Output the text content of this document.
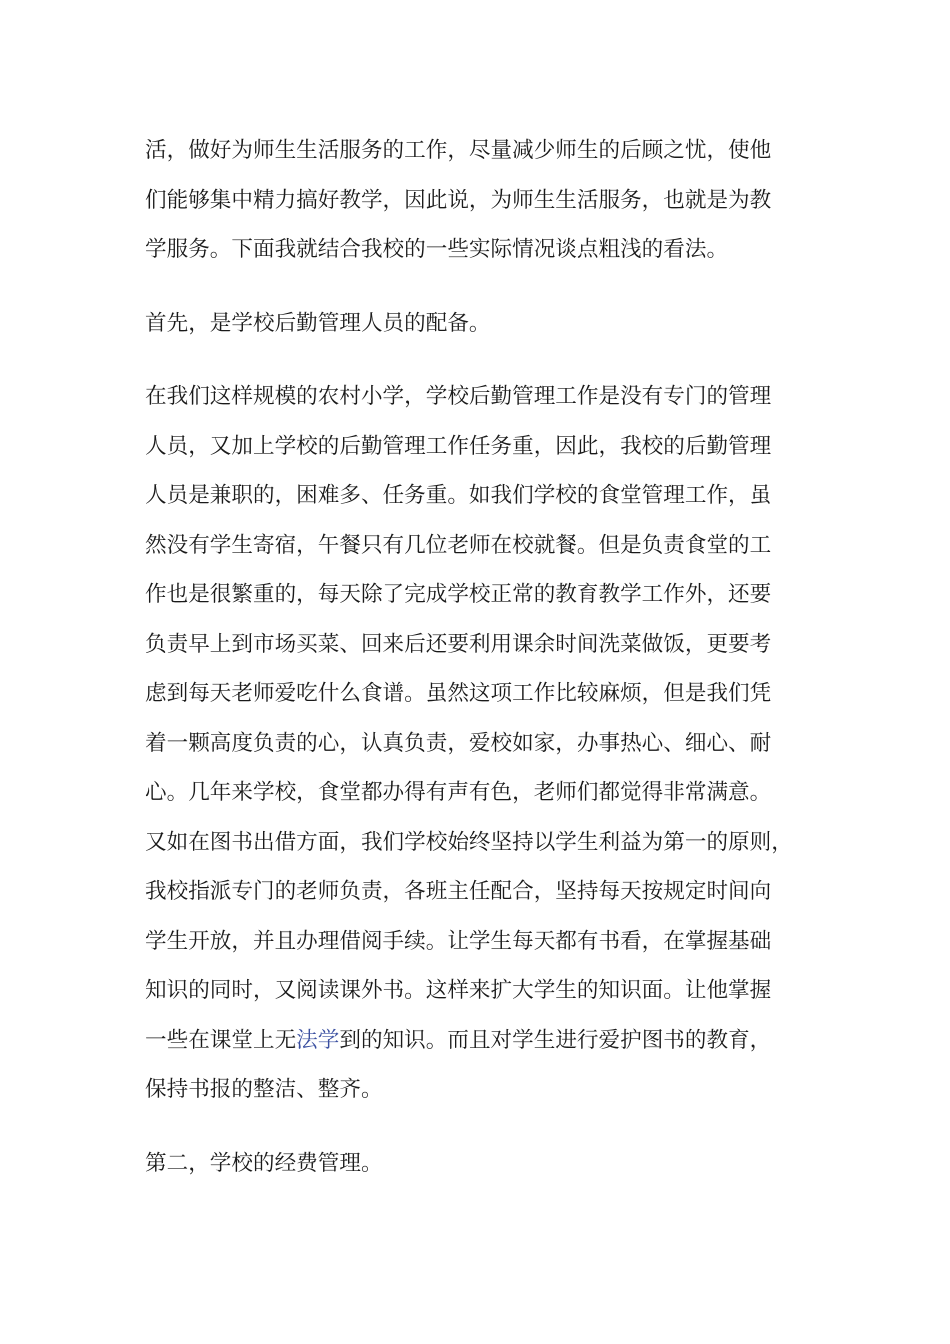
活，做好为师生生活服务的工作，尽量减少师生的后顾之忧，使他
们能够集中精力搞好教学，因此说，为师生生活服务，也就是为教
学服务。下面我就结合我校的一些实际情况谈点粗浅的看法。

首先，是学校后勤管理人员的配备。

在我们这样规模的农村小学，学校后勤管理工作是没有专门的管理
人员，又加上学校的后勤管理工作任务重，因此，我校的后勤管理
人员是兼职的，困难多、任务重。如我们学校的食堂管理工作，虽
然没有学生寄宿，午餐只有几位老师在校就餐。但是负责食堂的工
作也是很繁重的，每天除了完成学校正常的教育教学工作外，还要
负责早上到市场买菜、回来后还要利用课余时间洗菜做饭，更要考
虑到每天老师爱吃什么食谱。虽然这项工作比较麻烦，但是我们凭
着一颗高度负责的心，认真负责，爱校如家，办事热心、细心、耐
心。几年来学校，食堂都办得有声有色，老师们都觉得非常满意。
又如在图书出借方面，我们学校始终坚持以学生利益为第一的原则，
我校指派专门的老师负责，各班主任配合，坚持每天按规定时间向
学生开放，并且办理借阅手续。让学生每天都有书看，在掌握基础
知识的同时，又阅读课外书。这样来扩大学生的知识面。让他掌握
一些在课堂上无法学到的知识。而且对学生进行爱护图书的教育，
保持书报的整洁、整齐。

第二，学校的经费管理。
